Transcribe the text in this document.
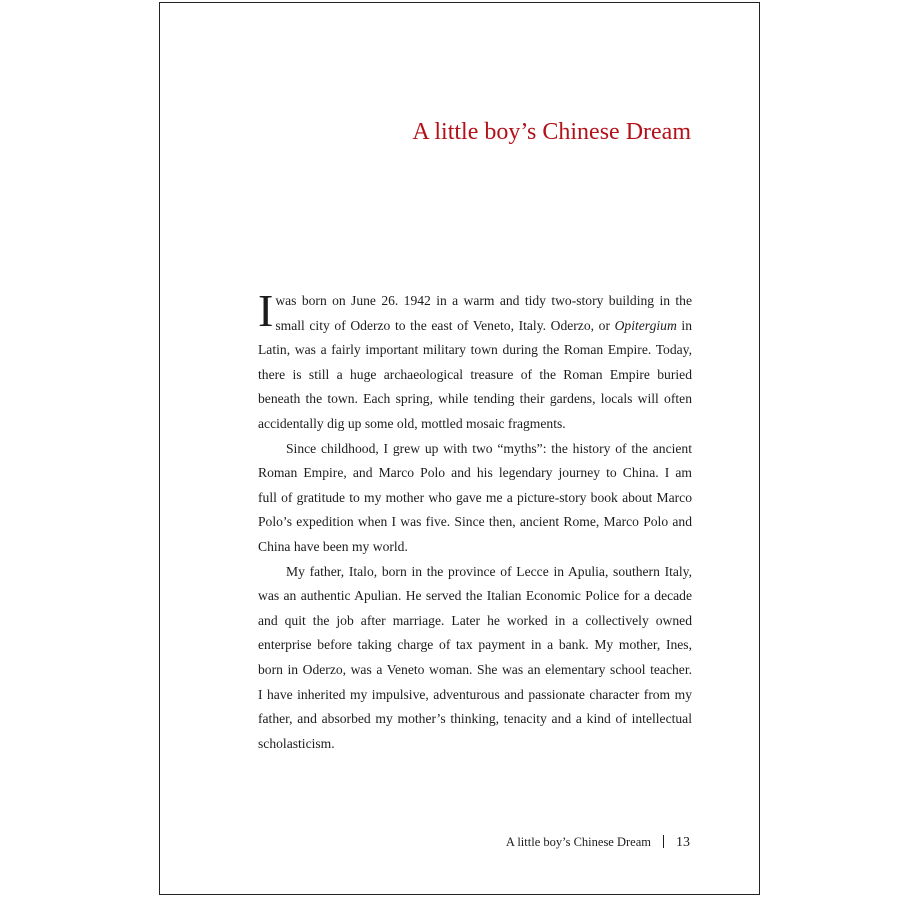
A little boy’s Chinese Dream
I was born on June 26. 1942 in a warm and tidy two-story building in the
small city of Oderzo to the east of Veneto, Italy. Oderzo, or Opitergium in
Latin, was a fairly important military town during the Roman Empire. Today,
there is still a huge archaeological treasure of the Roman Empire buried
beneath the town. Each spring, while tending their gardens, locals will often
accidentally dig up some old, mottled mosaic fragments.
Since childhood, I grew up with two “myths”: the history of the ancient
Roman Empire, and Marco Polo and his legendary journey to China. I am
full of gratitude to my mother who gave me a picture-story book about Marco
Polo’s expedition when I was five. Since then, ancient Rome, Marco Polo and
China have been my world.
My father, Italo, born in the province of Lecce in Apulia, southern Italy,
was an authentic Apulian. He served the Italian Economic Police for a decade
and quit the job after marriage. Later he worked in a collectively owned
enterprise before taking charge of tax payment in a bank. My mother, Ines,
born in Oderzo, was a Veneto woman. She was an elementary school teacher.
I have inherited my impulsive, adventurous and passionate character from my
father, and absorbed my mother’s thinking, tenacity and a kind of intellectual
scholasticism.
A little boy’s Chinese Dream 13
